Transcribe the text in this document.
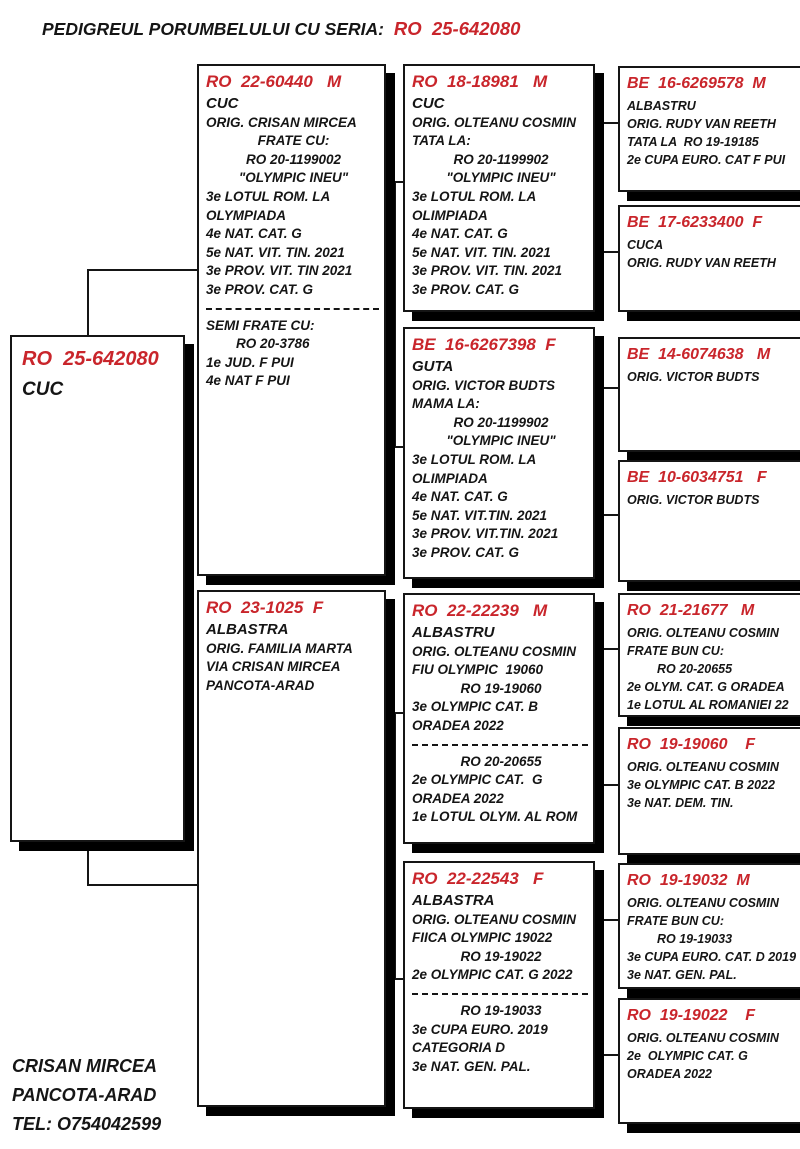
PEDIGREUL PORUMBELULUI CU SERIA: RO  25-642080
RO  25-642080
CUC
RO  22-60440   M
CUC
ORIG. CRISAN MIRCEA
FRATE CU:
RO 20-1199002
"OLYMPIC INEU"
3e LOTUL ROM. LA
OLYMPIADA
4e NAT. CAT. G
5e NAT. VIT. TIN. 2021
3e PROV. VIT. TIN 2021
3e PROV. CAT. G
SEMI FRATE CU:
RO 20-3786
1e JUD. F PUI
4e NAT F PUI
RO  23-1025  F
ALBASTRA
ORIG. FAMILIA MARTA
VIA CRISAN MIRCEA
PANCOTA-ARAD
RO  18-18981   M
CUC
ORIG. OLTEANU COSMIN
TATA LA:
RO 20-1199902
"OLYMPIC INEU"
3e LOTUL ROM. LA
OLIMPIADA
4e NAT. CAT. G
5e NAT. VIT. TIN. 2021
3e PROV. VIT. TIN. 2021
3e PROV. CAT. G
BE  16-6267398  F
GUTA
ORIG. VICTOR BUDTS
MAMA LA:
RO 20-1199902
"OLYMPIC INEU"
3e LOTUL ROM. LA
OLIMPIADA
4e NAT. CAT. G
5e NAT. VIT.TIN. 2021
3e PROV. VIT.TIN. 2021
3e PROV. CAT. G
RO  22-22239   M
ALBASTRU
ORIG. OLTEANU COSMIN
FIU OLYMPIC  19060
RO 19-19060
3e OLYMPIC CAT. B
ORADEA 2022
RO 20-20655
2e OLYMPIC CAT.  G
ORADEA 2022
1e LOTUL OLYM. AL ROM
RO  22-22543   F
ALBASTRA
ORIG. OLTEANU COSMIN
FIICA OLYMPIC 19022
RO 19-19022
2e OLYMPIC CAT. G 2022
RO 19-19033
3e CUPA EURO. 2019
CATEGORIA D
3e NAT. GEN. PAL.
BE  16-6269578  M
ALBASTRU
ORIG. RUDY VAN REETH
TATA LA  RO 19-19185
2e CUPA EURO. CAT F PUI
BE  17-6233400  F
CUCA
ORIG. RUDY VAN REETH
BE  14-6074638   M
ORIG. VICTOR BUDTS
BE  10-6034751   F
ORIG. VICTOR BUDTS
RO  21-21677   M
ORIG. OLTEANU COSMIN
FRATE BUN CU:
RO 20-20655
2e OLYM. CAT. G ORADEA
1e LOTUL AL ROMANIEI 22
RO  19-19060    F
ORIG. OLTEANU COSMIN
3e OLYMPIC CAT. B 2022
3e NAT. DEM. TIN.
RO  19-19032  M
ORIG. OLTEANU COSMIN
FRATE BUN CU:
RO 19-19033
3e CUPA EURO. CAT. D 2019
3e NAT. GEN. PAL.
RO  19-19022    F
ORIG. OLTEANU COSMIN
2e  OLYMPIC CAT. G
ORADEA 2022
CRISAN MIRCEA
PANCOTA-ARAD
TEL: O754042599
